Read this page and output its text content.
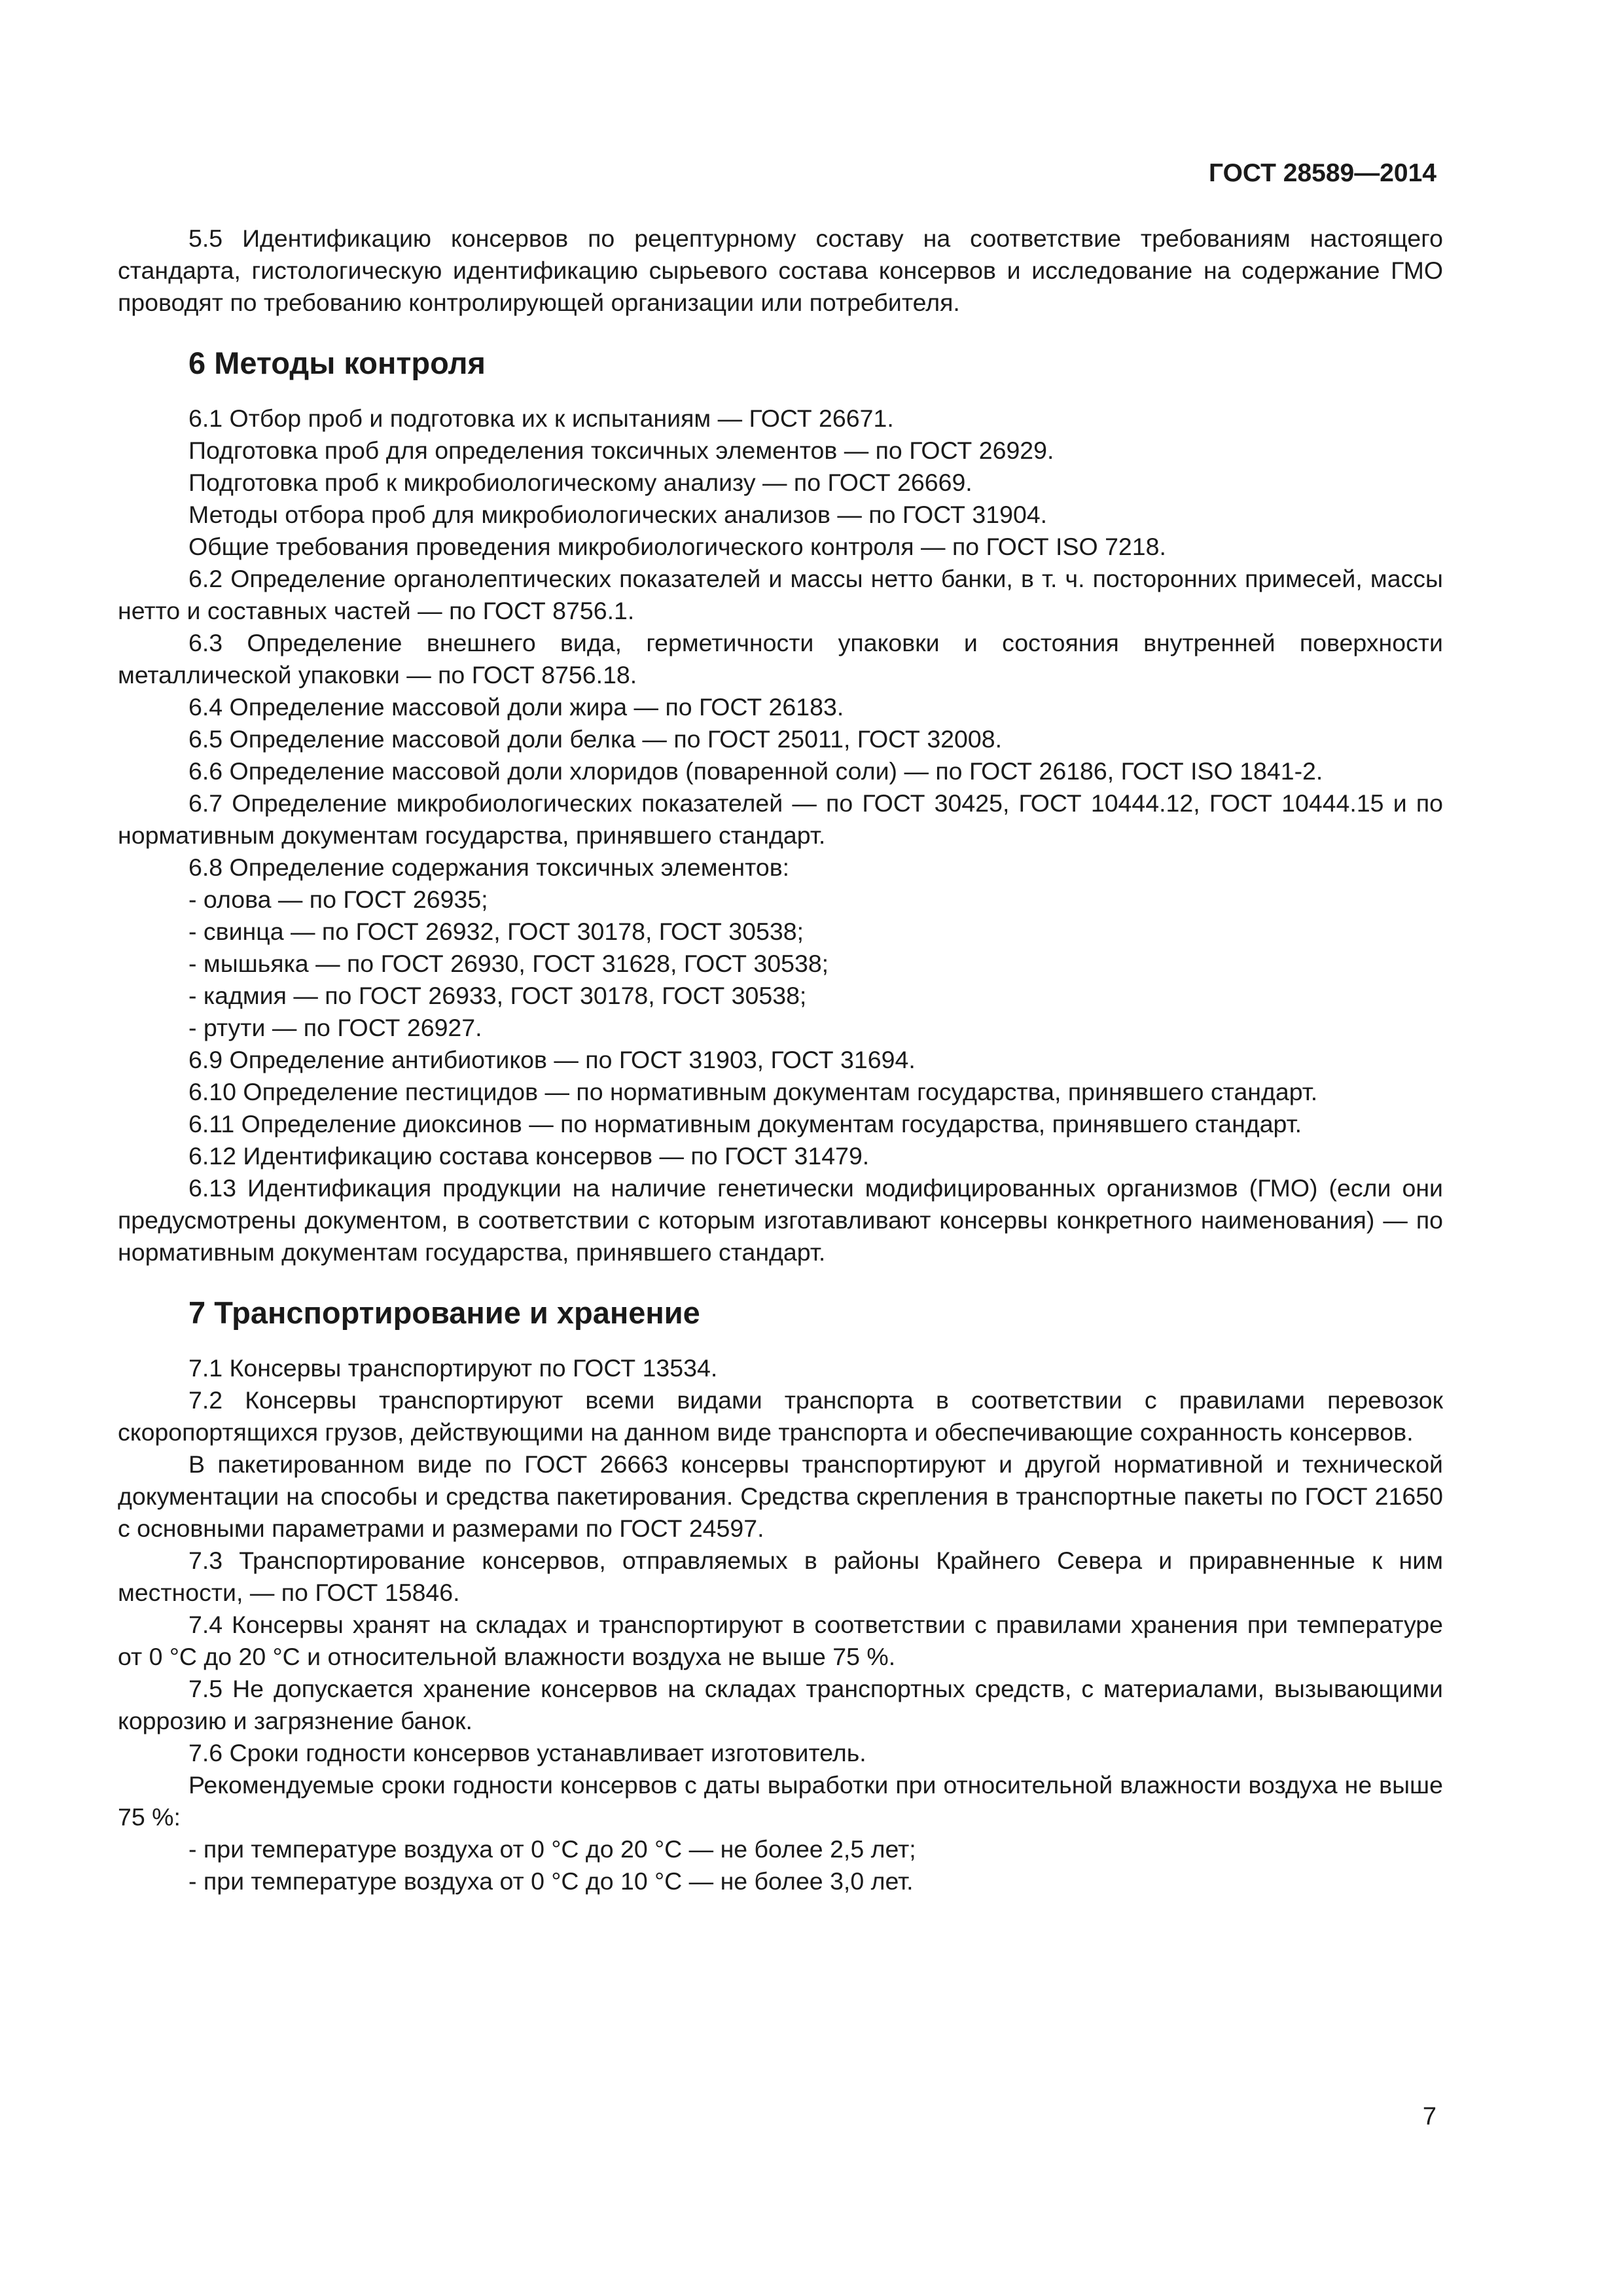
ГОСТ 28589—2014

5.5 Идентификацию консервов по рецептурному составу на соответствие требованиям настоящего стандарта, гистологическую идентификацию сырьевого состава консервов и исследование на содержание ГМО проводят по требованию контролирующей организации или потребителя.

6 Методы контроля

6.1 Отбор проб и подготовка их к испытаниям — ГОСТ 26671.

Подготовка проб для определения токсичных элементов — по ГОСТ 26929.

Подготовка проб к микробиологическому анализу — по ГОСТ 26669.

Методы отбора проб для микробиологических анализов — по ГОСТ 31904.

Общие требования проведения микробиологического контроля — по ГОСТ ISO 7218.

6.2 Определение органолептических показателей и массы нетто банки, в т. ч. посторонних примесей, массы нетто и составных частей — по ГОСТ 8756.1.

6.3 Определение внешнего вида, герметичности упаковки и состояния внутренней поверхности металлической упаковки — по ГОСТ 8756.18.

6.4 Определение массовой доли жира — по ГОСТ 26183.

6.5 Определение массовой доли белка — по ГОСТ 25011, ГОСТ 32008.

6.6 Определение массовой доли хлоридов (поваренной соли) — по ГОСТ 26186, ГОСТ ISO 1841-2.

6.7 Определение микробиологических показателей — по ГОСТ 30425, ГОСТ 10444.12, ГОСТ 10444.15 и по нормативным документам государства, принявшего стандарт.

6.8 Определение содержания токсичных элементов:

- олова — по ГОСТ 26935;

- свинца — по ГОСТ 26932, ГОСТ 30178, ГОСТ 30538;

- мышьяка — по ГОСТ 26930, ГОСТ 31628, ГОСТ 30538;

- кадмия — по ГОСТ 26933, ГОСТ 30178, ГОСТ 30538;

- ртути — по ГОСТ 26927.

6.9 Определение антибиотиков — по ГОСТ 31903, ГОСТ 31694.

6.10 Определение пестицидов — по нормативным документам государства, принявшего стандарт.

6.11 Определение диоксинов — по нормативным документам государства, принявшего стандарт.

6.12 Идентификацию состава консервов — по ГОСТ 31479.

6.13 Идентификация продукции на наличие генетически модифицированных организмов (ГМО) (если они предусмотрены документом, в соответствии с которым изготавливают консервы конкретного наименования) — по нормативным документам государства, принявшего стандарт.

7 Транспортирование и хранение

7.1 Консервы транспортируют по ГОСТ 13534.

7.2 Консервы транспортируют всеми видами транспорта в соответствии с правилами перевозок скоропортящихся грузов, действующими на данном виде транспорта и обеспечивающие сохранность консервов.

В пакетированном виде по ГОСТ 26663 консервы транспортируют и другой нормативной и технической документации на способы и средства пакетирования. Средства скрепления в транспортные пакеты по ГОСТ 21650 с основными параметрами и размерами по ГОСТ 24597.

7.3 Транспортирование консервов, отправляемых в районы Крайнего Севера и приравненные к ним местности, — по ГОСТ 15846.

7.4 Консервы хранят на складах и транспортируют в соответствии с правилами хранения при температуре от 0 °С до 20 °С и относительной влажности воздуха не выше 75 %.

7.5 Не допускается хранение консервов на складах транспортных средств, с материалами, вызывающими коррозию и загрязнение банок.

7.6 Сроки годности консервов устанавливает изготовитель.

Рекомендуемые сроки годности консервов с даты выработки при относительной влажности воздуха не выше 75 %:

- при температуре воздуха от 0 °С до 20 °С — не более 2,5 лет;

- при температуре воздуха от 0 °С до 10 °С — не более 3,0 лет.

7
